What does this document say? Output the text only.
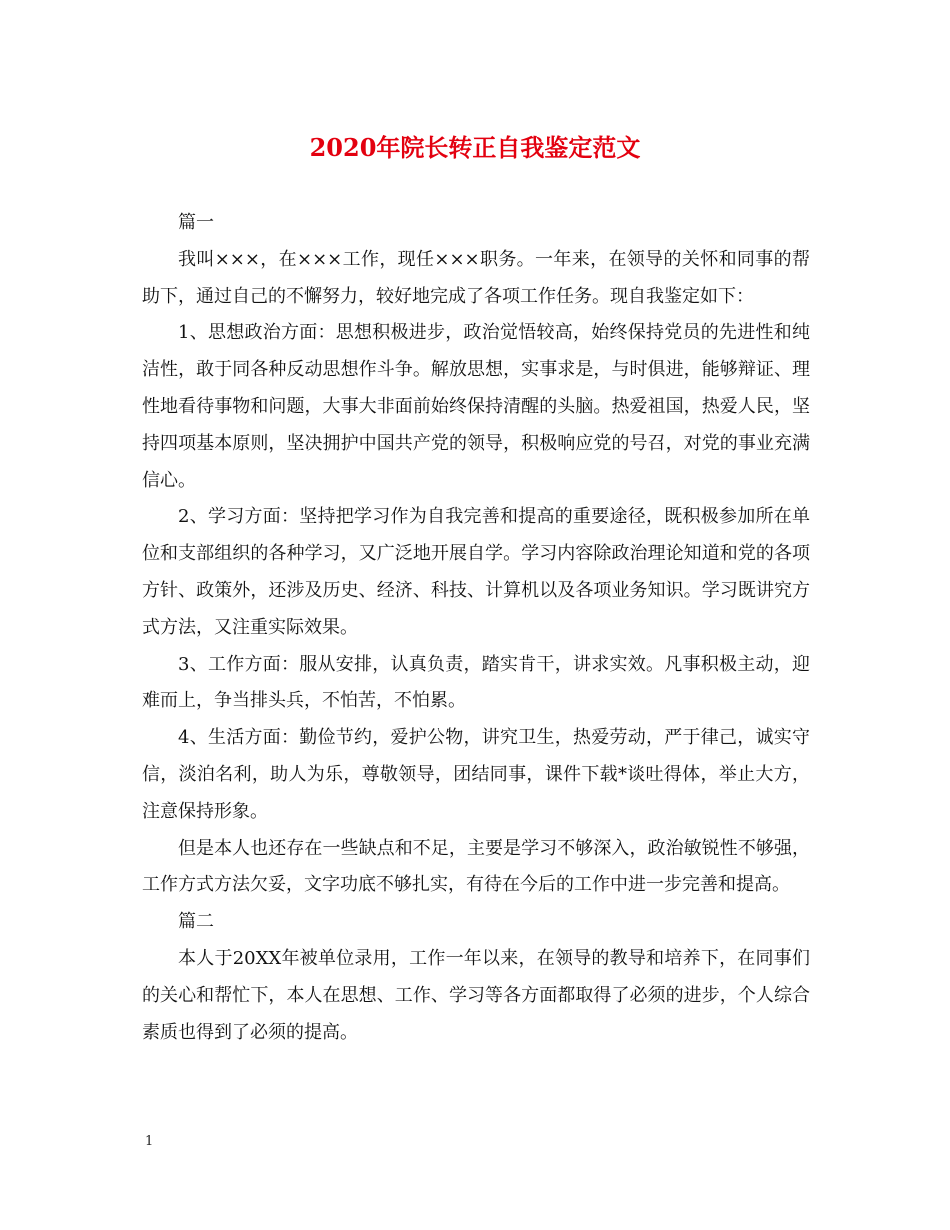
2020年院长转正自我鉴定范文

篇一

我叫×××，在×××工作，现任×××职务。一年来，在领导的关怀和同事的帮助下，通过自己的不懈努力，较好地完成了各项工作任务。现自我鉴定如下：

1、思想政治方面：思想积极进步，政治觉悟较高，始终保持党员的先进性和纯洁性，敢于同各种反动思想作斗争。解放思想，实事求是，与时俱进，能够辩证、理性地看待事物和问题，大事大非面前始终保持清醒的头脑。热爱祖国，热爱人民，坚持四项基本原则，坚决拥护中国共产党的领导，积极响应党的号召，对党的事业充满信心。

2、学习方面：坚持把学习作为自我完善和提高的重要途径，既积极参加所在单位和支部组织的各种学习，又广泛地开展自学。学习内容除政治理论知道和党的各项方针、政策外，还涉及历史、经济、科技、计算机以及各项业务知识。学习既讲究方式方法，又注重实际效果。

3、工作方面：服从安排，认真负责，踏实肯干，讲求实效。凡事积极主动，迎难而上，争当排头兵，不怕苦，不怕累。

4、生活方面：勤俭节约，爱护公物，讲究卫生，热爱劳动，严于律己，诚实守信，淡泊名利，助人为乐，尊敬领导，团结同事，课件下载*谈吐得体，举止大方，注意保持形象。

但是本人也还存在一些缺点和不足，主要是学习不够深入，政治敏锐性不够强，工作方式方法欠妥，文字功底不够扎实，有待在今后的工作中进一步完善和提高。

篇二

本人于20XX年被单位录用，工作一年以来，在领导的教导和培养下，在同事们的关心和帮忙下，本人在思想、工作、学习等各方面都取得了必须的进步，个人综合素质也得到了必须的提高。

1
